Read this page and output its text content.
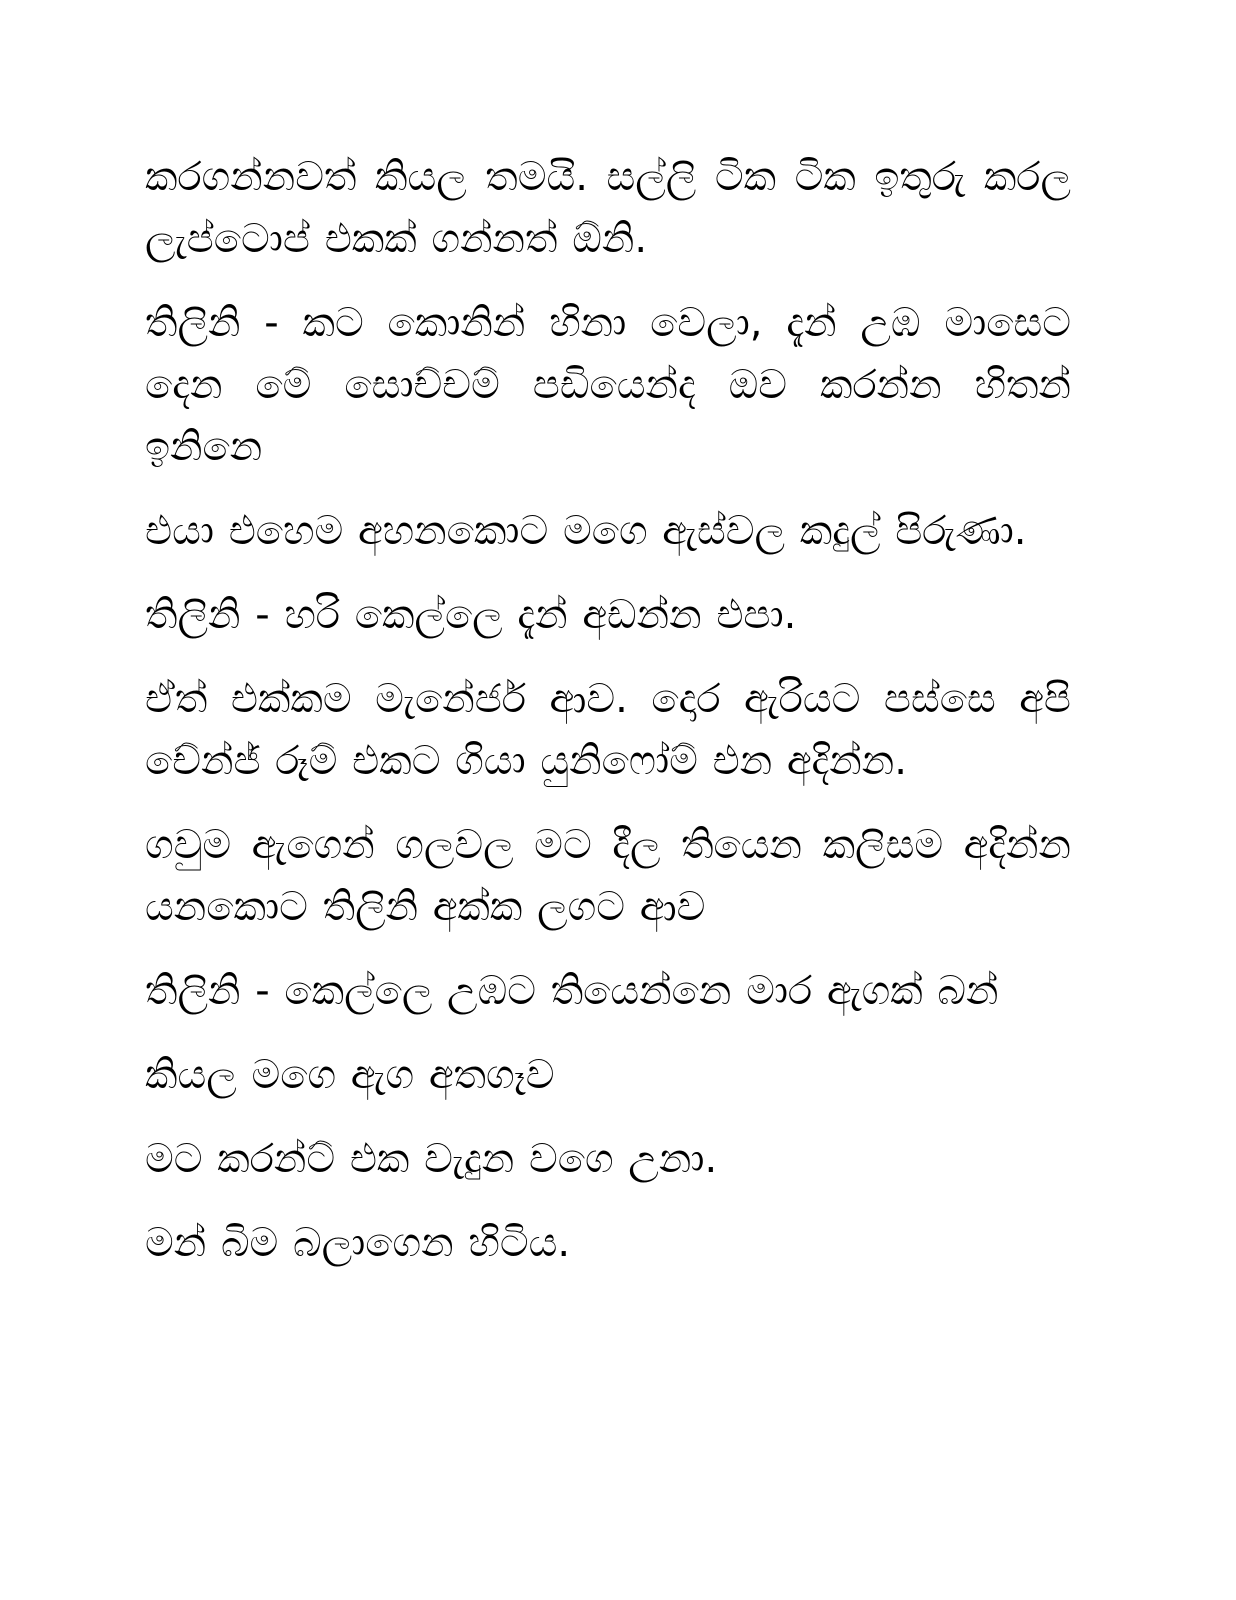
කරගන්නවත් කියල තමයි. සල්ලි ටික ටික ඉතුරු කරල ලැප්ටොප් එකක් ගන්නත් ඕනි.

තිලිනි - කට කොනින් හිනා වෙලා, දැන් උඹ මාසෙට දෙන මේ සොච්චම් පඩියෙන්ද ඔව කරන්න හිතන් ඉනිනෙ

එයා එහෙම අහනකොට මගෙ ඇස්වල කදුල් පිරුණා.

තිලිනි - හරි කෙල්ලෙ දැන් අඩන්න එපා.

ඒත් එක්කම මැනේජර් ආව. දොර ඇරියට පස්සෙ අපි චේන්ජ් රූම් එකට ගියා යුනිෆෝම් එන අදින්න.

ගවුම ඇගෙන් ගලවල මට දීල තියෙන කලිසම අදින්න යනකොට තිලිනි අක්ක ලගට ආව

තිලිනි - කෙල්ලෙ උඹට තියෙන්නෙ මාර ඇගක් බන්

කියල මගෙ ඇග අතගෑව

මට කරන්ට් එක වැදුන වගෙ උනා.

මන් බිම බලාගෙන හිටිය.
